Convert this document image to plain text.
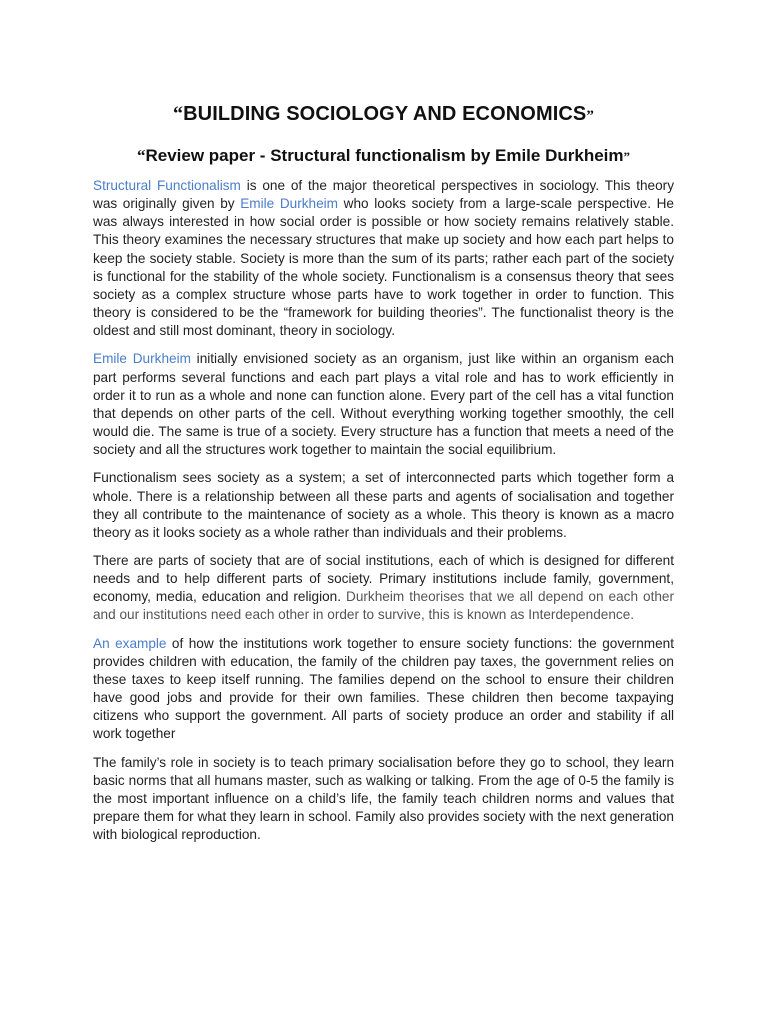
“BUILDING SOCIOLOGY AND ECONOMICS”
“Review paper - Structural functionalism by Emile Durkheim”

Structural Functionalism is one of the major theoretical perspectives in sociology. This theory was originally given by Emile Durkheim who looks society from a large-scale perspective. He was always interested in how social order is possible or how society remains relatively stable. This theory examines the necessary structures that make up society and how each part helps to keep the society stable. Society is more than the sum of its parts; rather each part of the society is functional for the stability of the whole society. Functionalism is a consensus theory that sees society as a complex structure whose parts have to work together in order to function. This theory is considered to be the “framework for building theories”. The functionalist theory is the oldest and still most dominant, theory in sociology.

Emile Durkheim initially envisioned society as an organism, just like within an organism each part performs several functions and each part plays a vital role and has to work efficiently in order it to run as a whole and none can function alone. Every part of the cell has a vital function that depends on other parts of the cell. Without everything working together smoothly, the cell would die. The same is true of a society. Every structure has a function that meets a need of the society and all the structures work together to maintain the social equilibrium.

Functionalism sees society as a system; a set of interconnected parts which together form a whole. There is a relationship between all these parts and agents of socialisation and together they all contribute to the maintenance of society as a whole. This theory is known as a macro theory as it looks society as a whole rather than individuals and their problems.

There are parts of society that are of social institutions, each of which is designed for different needs and to help different parts of society. Primary institutions include family, government, economy, media, education and religion. Durkheim theorises that we all depend on each other and our institutions need each other in order to survive, this is known as Interdependence.

An example of how the institutions work together to ensure society functions: the government provides children with education, the family of the children pay taxes, the government relies on these taxes to keep itself running. The families depend on the school to ensure their children have good jobs and provide for their own families. These children then become taxpaying citizens who support the government. All parts of society produce an order and stability if all work together

The family’s role in society is to teach primary socialisation before they go to school, they learn basic norms that all humans master, such as walking or talking. From the age of 0-5 the family is the most important influence on a child’s life, the family teach children norms and values that prepare them for what they learn in school. Family also provides society with the next generation with biological reproduction.
